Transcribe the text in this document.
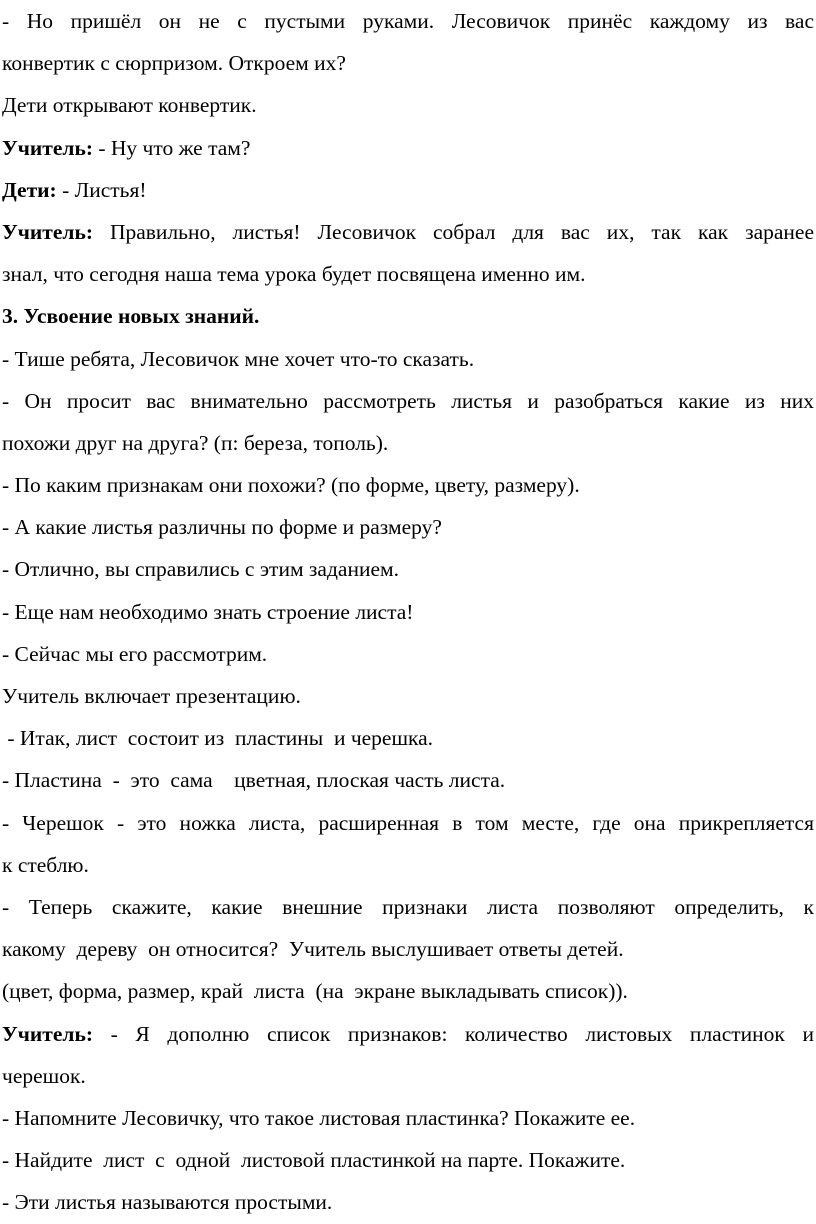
- Но пришёл он не с пустыми руками. Лесовичок принёс каждому из вас

конвертик с сюрпризом. Откроем их?

Дети открывают конвертик.

Учитель: - Ну что же там?

Дети: - Листья!

Учитель: Правильно, листья! Лесовичок собрал для вас их, так как заранее

знал, что сегодня наша тема урока будет посвящена именно им.

3. Усвоение новых знаний.

- Тише ребята, Лесовичок мне хочет что-то сказать.

- Он просит вас внимательно рассмотреть листья и разобраться какие из них

похожи друг на друга? (п: береза, тополь).

- По каким признакам они похожи? (по форме, цвету, размеру).

- А какие листья различны по форме и размеру?

- Отлично, вы справились с этим заданием.

- Еще нам необходимо знать строение листа!

- Сейчас мы его рассмотрим.

Учитель включает презентацию.

- Итак, лист  состоит из  пластины  и черешка.

- Пластина  -  это  сама    цветная, плоская часть листа.

- Черешок - это ножка листа, расширенная в том месте, где она прикрепляется

к стеблю.

- Теперь скажите, какие внешние признаки листа позволяют определить, к

какому  дереву  он относится?  Учитель выслушивает ответы детей.

(цвет, форма, размер, край  листа  (на  экране выкладывать список)).

Учитель: - Я дополню список признаков: количество листовых пластинок и

черешок.

- Напомните Лесовичку, что такое листовая пластинка? Покажите ее.

- Найдите  лист  с  одной  листовой пластинкой на парте. Покажите.

- Эти листья называются простыми.
